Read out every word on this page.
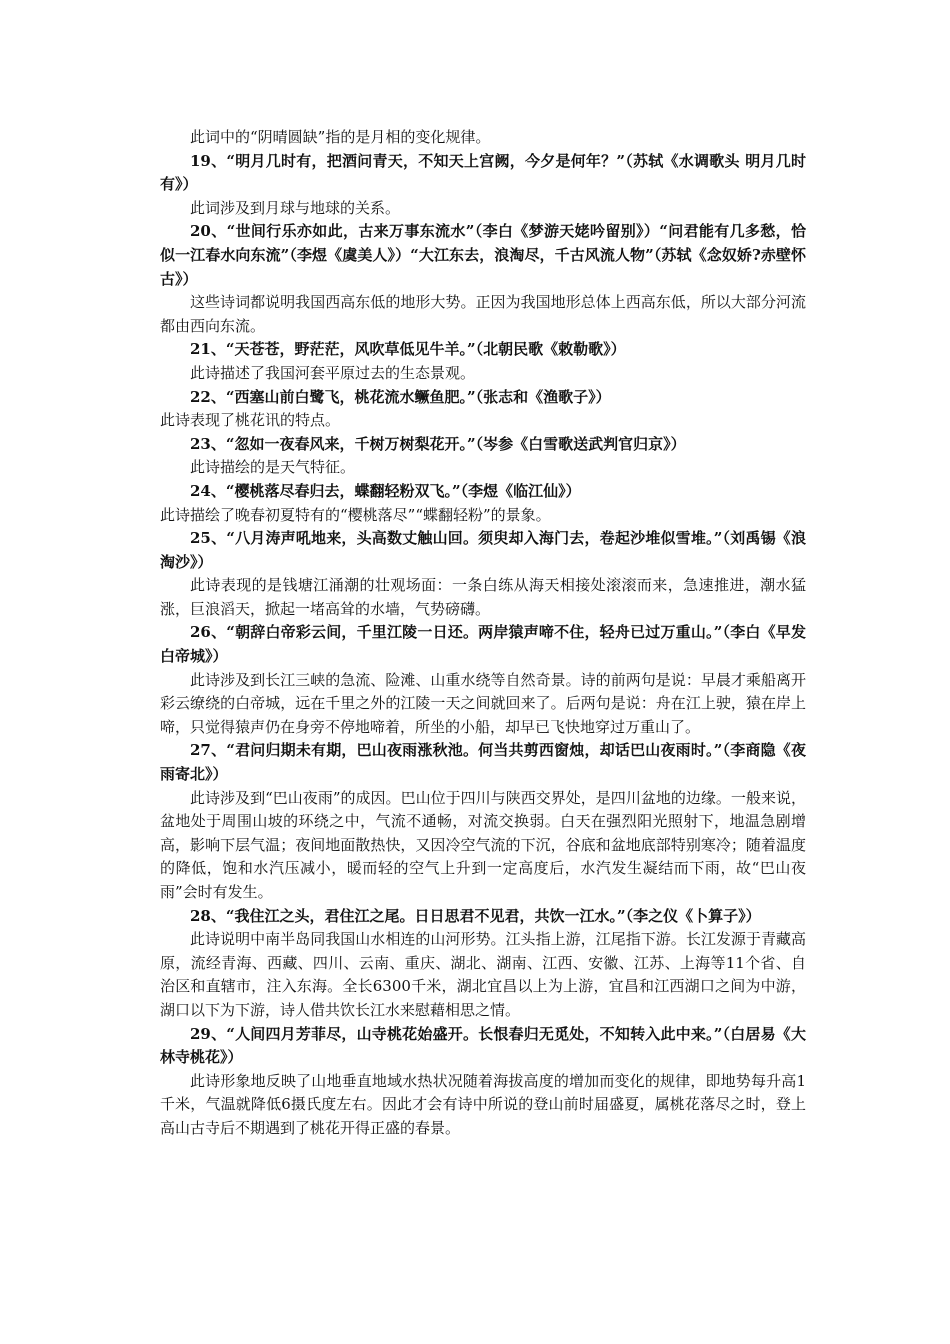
此词中的“阴晴圆缺”指的是月相的变化规律。

19、“明月几时有，把酒问青天，不知天上宫阙，今夕是何年？”（苏轼《水调歌头 明月几时有》）

此词涉及到月球与地球的关系。

20、“世间行乐亦如此，古来万事东流水”（李白《梦游天姥吟留别》）“问君能有几多愁，恰似一江春水向东流”（李煜《虞美人》）“大江东去，浪淘尽，千古风流人物”（苏轼《念奴娇?赤壁怀古》）

这些诗词都说明我国西高东低的地形大势。正因为我国地形总体上西高东低，所以大部分河流都由西向东流。

21、“天苍苍，野茫茫，风吹草低见牛羊。”（北朝民歌《敕勒歌》）

此诗描述了我国河套平原过去的生态景观。

22、“西塞山前白鹭飞，桃花流水鳜鱼肥。”（张志和《渔歌子》）

此诗表现了桃花讯的特点。

23、“忽如一夜春风来，千树万树梨花开。”（岑参《白雪歌送武判官归京》）

此诗描绘的是天气特征。

24、“樱桃落尽春归去，蝶翻轻粉双飞。”（李煜《临江仙》）

此诗描绘了晚春初夏特有的“樱桃落尽”“蝶翻轻粉”的景象。

25、“八月涛声吼地来，头高数丈触山回。须臾却入海门去，卷起沙堆似雪堆。”（刘禹锡《浪淘沙》）

此诗表现的是钱塘江涌潮的壮观场面：一条白练从海天相接处滚滚而来，急速推进，潮水猛涨，巨浪滔天，掀起一堵高耸的水墙，气势磅礴。

26、“朝辞白帝彩云间，千里江陵一日还。两岸猿声啼不住，轻舟已过万重山。”（李白《早发白帝城》）

此诗涉及到长江三峡的急流、险滩、山重水绕等自然奇景。诗的前两句是说：早晨才乘船离开彩云缭绕的白帝城，远在千里之外的江陵一天之间就回来了。后两句是说：舟在江上驶，猿在岸上啼，只觉得猿声仍在身旁不停地啼着，所坐的小船，却早已飞快地穿过万重山了。

27、“君问归期未有期，巴山夜雨涨秋池。何当共剪西窗烛，却话巴山夜雨时。”（李商隐《夜雨寄北》）

此诗涉及到“巴山夜雨”的成因。巴山位于四川与陕西交界处，是四川盆地的边缘。一般来说，盆地处于周围山坡的环绕之中，气流不通畅，对流交换弱。白天在强烈阳光照射下，地温急剧增高，影响下层气温；夜间地面散热快，又因冷空气流的下沉，谷底和盆地底部特别寒冷；随着温度的降低，饱和水汽压减小，暖而轻的空气上升到一定高度后，水汽发生凝结而下雨，故“巴山夜雨”会时有发生。

28、“我住江之头，君住江之尾。日日思君不见君，共饮一江水。”（李之仪《卜算子》）

此诗说明中南半岛同我国山水相连的山河形势。江头指上游，江尾指下游。长江发源于青藏高原，流经青海、西藏、四川、云南、重庆、湖北、湖南、江西、安徽、江苏、上海等11个省、自治区和直辖市，注入东海。全长6300千米，湖北宜昌以上为上游，宜昌和江西湖口之间为中游，湖口以下为下游，诗人借共饮长江水来慰藉相思之情。

29、“人间四月芳菲尽，山寺桃花始盛开。长恨春归无觅处，不知转入此中来。”（白居易《大林寺桃花》）

此诗形象地反映了山地垂直地域水热状况随着海拔高度的增加而变化的规律，即地势每升高1千米，气温就降低6摄氏度左右。因此才会有诗中所说的登山前时届盛夏，属桃花落尽之时，登上高山古寺后不期遇到了桃花开得正盛的春景。
